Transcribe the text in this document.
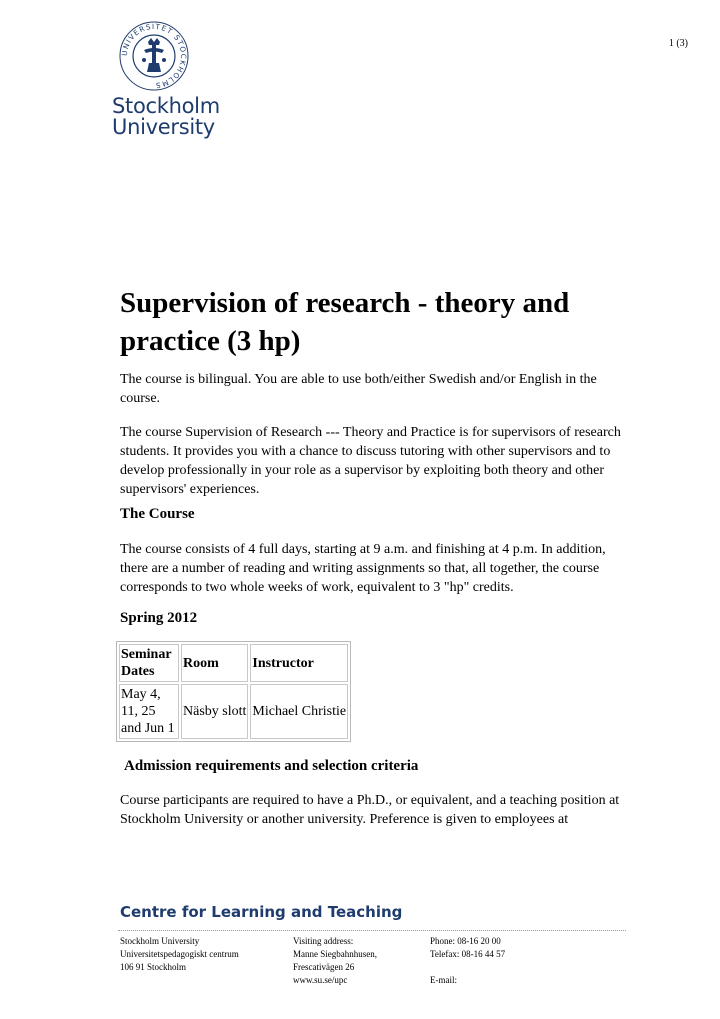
1 (3)
UNIVERSITET STOCKHOLMS
Stockholm
University
Supervision of research - theory and practice (3 hp)

The course is bilingual. You are able to use both/either Swedish and/or English in the course.

The course Supervision of Research --- Theory and Practice is for supervisors of research students. It provides you with a chance to discuss tutoring with other supervisors and to develop professionally in your role as a supervisor by exploiting both theory and other supervisors' experiences.

The Course

The course consists of 4 full days, starting at 9 a.m. and finishing at 4 p.m. In addition, there are a number of reading and writing assignments so that, all together, the course corresponds to two whole weeks of work, equivalent to 3 "hp" credits.

Spring 2012
Seminar Dates	Room	Instructor
May 4, 11, 25 and Jun 1	Näsby slott	Michael Christie
Admission requirements and selection criteria

Course participants are required to have a Ph.D., or equivalent, and a teaching position at Stockholm University or another university. Preference is given to employees at

Centre for Learning and Teaching
Stockholm University
Universitetspedagogiskt centrum
106 91 Stockholm
Visiting address:
Manne Siegbahnhusen,
Frescativägen 26
www.su.se/upc
Phone: 08-16 20 00
Telefax: 08-16 44 57

E-mail:
